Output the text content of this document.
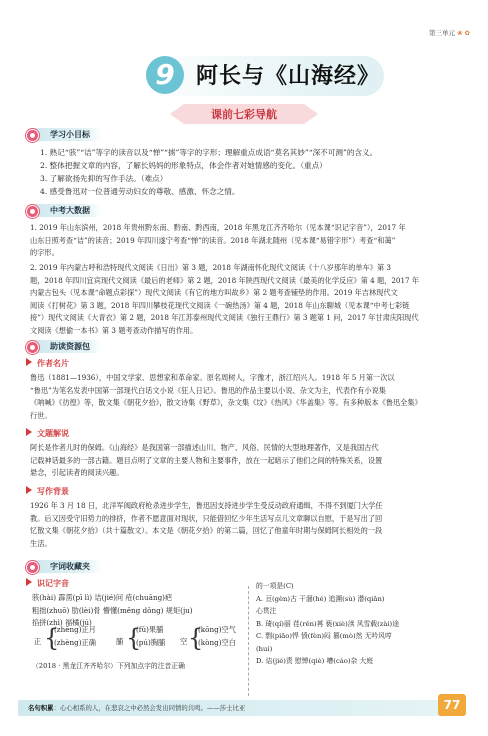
第三单元 ❀ ✿
9 阿长与《山海经》
课前七彩导航
学习小目标
1. 熟记“骇”“诘”等字的读音以及“惮”“掳”等字的字形；理解重点成语“莫名其妙”“深不可测”的含义。
2. 整体把握文章的内容，了解长妈妈的形象特点，体会作者对她情感的变化。（重点）
3. 了解欲扬先抑的写作手法。（难点）
4. 感受鲁迅对一位普通劳动妇女的尊敬、感激、怀念之情。
中考大数据
1. 2019 年山东滨州，2018 年贵州黔东南、黔南、黔西南，2018 年黑龙江齐齐哈尔（见本课“识记字音”），2017 年
山东日照考查“诘”的读音；2019 年四川遂宁考查“惮”的读音。2018 年湖北随州（见本课“易错字形”）考查“和蔼”
的字形。
2. 2019 年内蒙古呼和浩特现代文阅读《日出》第 3 题，2018 年湖南怀化现代文阅读《十八岁那年的单车》第 3
题，2018 年四川宜宾现代文阅读《最后的老师》第 2 题，2018 年陕西现代文阅读《最美的化学反应》第 4 题，2017 年
内蒙古包头（见本课“命题点彩探”）现代文阅读《有它的地方叫故乡》第 2 题考查铺垫的作用。2019 年吉林现代文
阅读《打树花》第 3 题，2018 年四川攀枝花现代文阅读《一碗热汤》第 4 题，2018 年山东聊城（见本课“中考七彩链
接”）现代文阅读《大青衣》第 2 题，2018 年江苏泰州现代文阅读《独行王鼎行》第 3 题第 1 问，2017 年甘肃庆阳现代
文阅读《想偷一本书》第 3 题考查动作描写的作用。
助读资源包
作者名片
鲁迅（1881—1936），中国文学家、思想家和革命家。原名周树人，字豫才，浙江绍兴人。1918 年 5 月第一次以
“鲁迅”为笔名发表中国第一部现代白话文小说《狂人日记》。鲁迅的作品主要以小说、杂文为主，代表作有小说集
《呐喊》《彷徨》等，散文集《朝花夕拾》，散文诗集《野草》，杂文集《坟》《热风》《华盖集》等。有多种版本《鲁迅全集》
行世。
文题解说
阿长是作者儿时的保姆。《山海经》是我国第一部描述山川、物产、风俗、民情的大型地理著作，又是我国古代
记载神话最多的一部古籍。题目点明了文章的主要人物和主要事件，放在一起暗示了他们之间的特殊关系，设置
悬念，引起读者的阅读兴趣。
写作背景
1926 年 3 月 18 日，北洋军阀政府枪杀进步学生，鲁迅因支持进步学生受反动政府通缉，不得不到厦门大学任
教。后又因受守旧势力的排挤，作者不愿意面对现状，只能借回忆少年生活写点儿文章聊以自慰，于是写出了回
忆散文集《朝花夕拾》（共十篇散文）。本文是《朝花夕拾》的第二篇，回忆了他童年时期与保姆阿长相处的一段
生活。
字词收藏夹
识记字音
骇(hài) 霹雳(pī lì) 诘(jié)问 疮(chuāng)疤
粗拙(zhuō) 肋(lèi)骨 懵懂(měng dǒng) 规矩(ju)
掐拼(zhì) 福橘(jú)
正 {
(zhēng)正月
(zhèng)正确	脯 {
(fǔ)果脯
(pú)胸脯	空 {
(kōng)空气
(kòng)空白
（2018 · 黑龙江齐齐哈尔）下列加点字的注音正确
的一项是(C)
A. 亘(gèn)古 干涸(hé) 追溯(sù) 潜(qiǎn)
心贯注
B. 琦(qí)丽 荏(rěn)苒 亵(xiè)渎 风雪载(zài)途
C. 剽(piāo)悍 愤(fèn)闷 篡(mò)然 无吟风哼
(hui)
D. 诘(jié)责 慰惮(qiè) 嘈(cáo)杂 大庭
名句积累：心心相系的人，在悲哀之中必然会发出同情的共鸣。——莎士比亚	77
